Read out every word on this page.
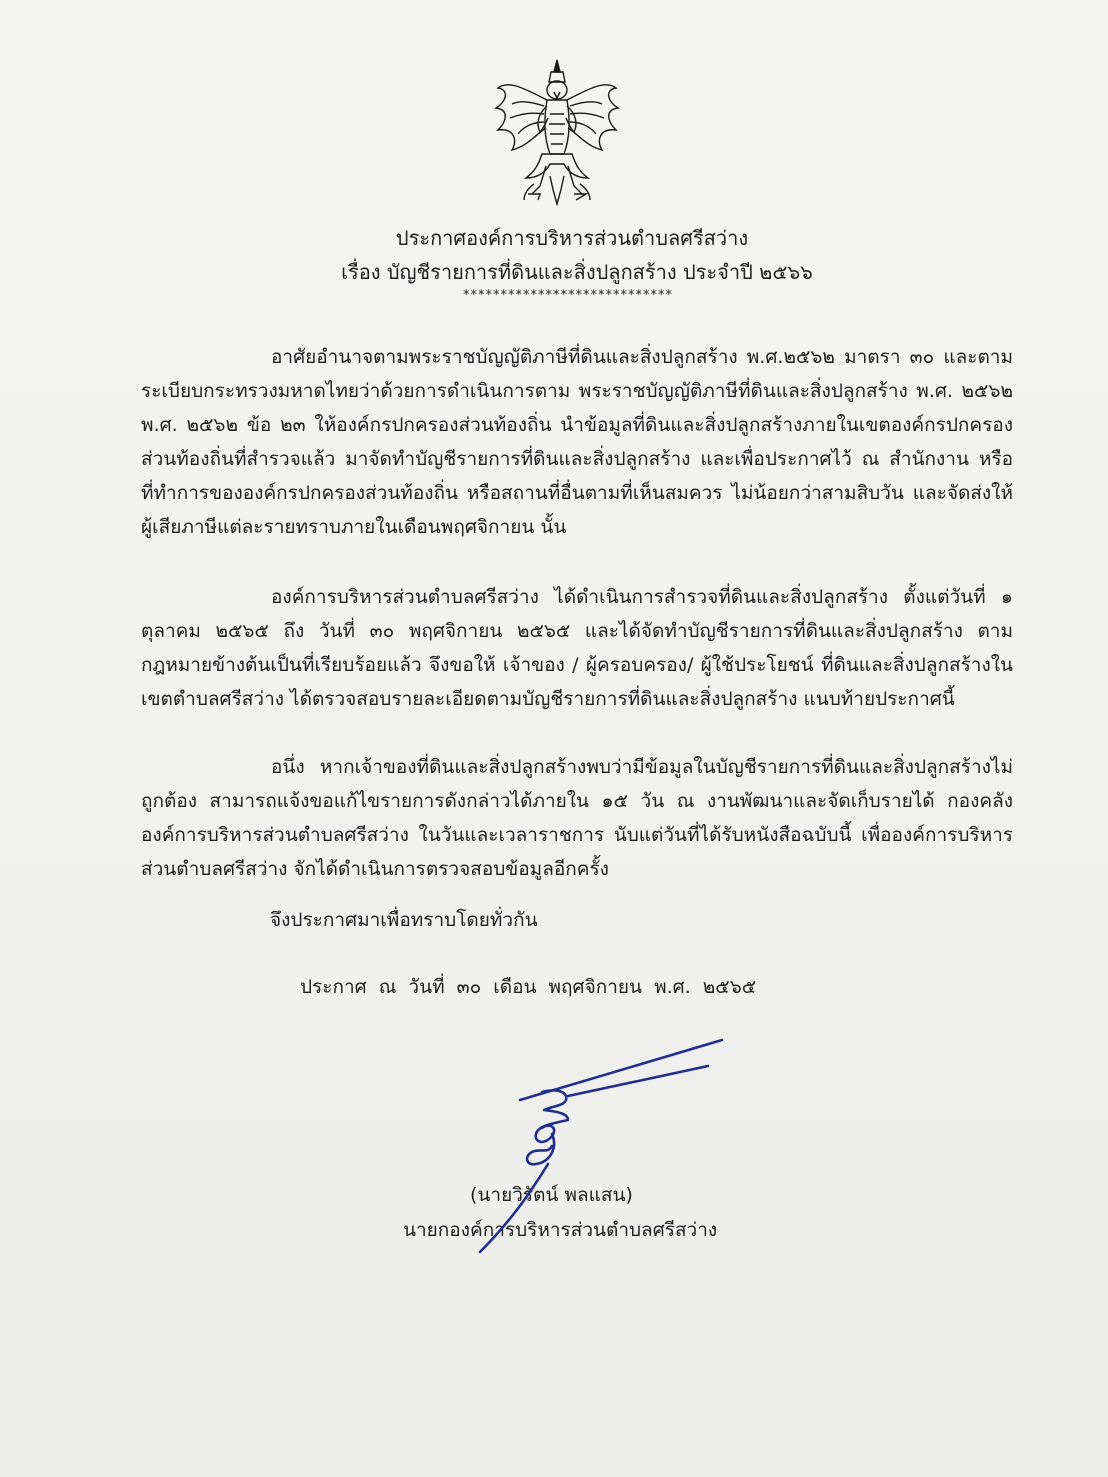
ประกาศองค์การบริหารส่วนตำบลศรีสว่าง
เรื่อง บัญชีรายการที่ดินและสิ่งปลูกสร้าง ประจำปี ๒๕๖๖
****************************

อาศัยอำนาจตามพระราชบัญญัติภาษีที่ดินและสิ่งปลูกสร้าง พ.ศ.๒๕๖๒ มาตรา ๓๐ และตามระเบียบกระทรวงมหาดไทยว่าด้วยการดำเนินการตาม พระราชบัญญัติภาษีที่ดินและสิ่งปลูกสร้าง พ.ศ. ๒๕๖๒ พ.ศ. ๒๕๖๒ ข้อ ๒๓ ให้องค์กรปกครองส่วนท้องถิ่น นำข้อมูลที่ดินและสิ่งปลูกสร้างภายในเขตองค์กรปกครองส่วนท้องถิ่นที่สำรวจแล้ว มาจัดทำบัญชีรายการที่ดินและสิ่งปลูกสร้าง และเพื่อประกาศไว้ ณ สำนักงาน หรือที่ทำการขององค์กรปกครองส่วนท้องถิ่น หรือสถานที่อื่นตามที่เห็นสมควร ไม่น้อยกว่าสามสิบวัน และจัดส่งให้ผู้เสียภาษีแต่ละรายทราบภายในเดือนพฤศจิกายน นั้น

องค์การบริหารส่วนตำบลศรีสว่าง ได้ดำเนินการสำรวจที่ดินและสิ่งปลูกสร้าง ตั้งแต่วันที่ ๑ ตุลาคม ๒๕๖๕ ถึง วันที่ ๓๐ พฤศจิกายน ๒๕๖๕ และได้จัดทำบัญชีรายการที่ดินและสิ่งปลูกสร้าง ตามกฎหมายข้างต้นเป็นที่เรียบร้อยแล้ว จึงขอให้ เจ้าของ / ผู้ครอบครอง/ ผู้ใช้ประโยชน์ ที่ดินและสิ่งปลูกสร้างในเขตตำบลศรีสว่าง ได้ตรวจสอบรายละเอียดตามบัญชีรายการที่ดินและสิ่งปลูกสร้าง แนบท้ายประกาศนี้

อนึ่ง หากเจ้าของที่ดินและสิ่งปลูกสร้างพบว่ามีข้อมูลในบัญชีรายการที่ดินและสิ่งปลูกสร้างไม่ถูกต้อง สามารถแจ้งขอแก้ไขรายการดังกล่าวได้ภายใน ๑๕ วัน ณ งานพัฒนาและจัดเก็บรายได้ กองคลัง องค์การบริหารส่วนตำบลศรีสว่าง ในวันและเวลาราชการ นับแต่วันที่ได้รับหนังสือฉบับนี้ เพื่อองค์การบริหารส่วนตำบลศรีสว่าง จักได้ดำเนินการตรวจสอบข้อมูลอีกครั้ง

จึงประกาศมาเพื่อทราบโดยทั่วกัน
ประกาศ ณ วันที่ ๓๐ เดือน พฤศจิกายน พ.ศ. ๒๕๖๕
(นายวิรัตน์ พลแสน)
นายกองค์การบริหารส่วนตำบลศรีสว่าง
